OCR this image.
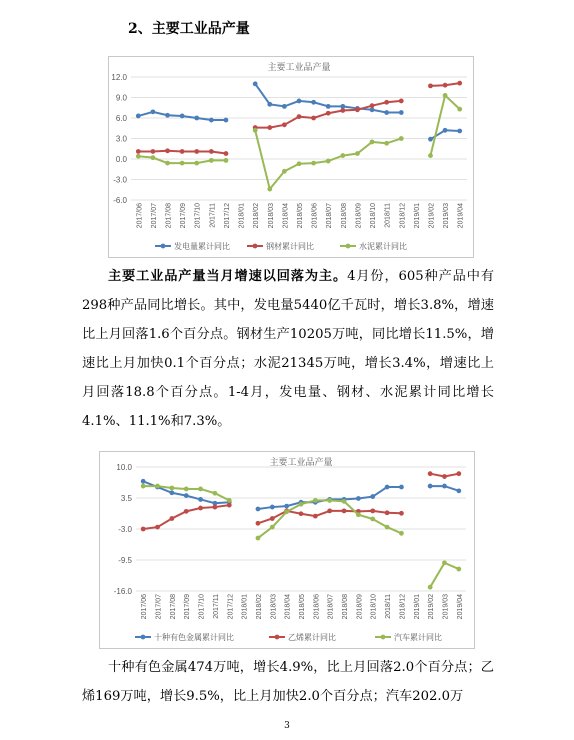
2、主要工业品产量
主要工业品产量
12.0
9.0
6.0
3.0
0.0
-3.0
-6.0
2017/06 2017/07 2017/08 2017/09 2017/10 2017/11 2017/12 2018/01 2018/02 2018/03 2018/04 2018/05 2018/06 2018/07 2018/08 2018/09 2018/10 2018/11 2018/12 2019/01 2019/02 2019/03 2019/04
发电量累计同比	钢材累计同比	水泥累计同比
主要工业品产量当月增速以回落为主。4月份，605种产品中有298种产品同比增长。其中，发电量5440亿千瓦时，增长3.8%，增速比上月回落1.6个百分点。钢材生产10205万吨，同比增长11.5%，增速比上月加快0.1个百分点；水泥21345万吨，增长3.4%，增速比上月回落18.8个百分点。1-4月，发电量、钢材、水泥累计同比增长4.1%、11.1%和7.3%。
主要工业品产量
10.0
3.5
-3.0
-9.5
-16.0
2017/06 2017/07 2017/08 2017/09 2017/10 2017/11 2017/12 2018/01 2018/02 2018/03 2018/04 2018/05 2018/06 2018/07 2018/08 2018/09 2018/10 2018/11 2018/12 2019/01 2019/02 2019/03 2019/04
十种有色金属累计同比	乙烯累计同比	汽车累计同比
十种有色金属474万吨，增长4.9%，比上月回落2.0个百分点；乙烯169万吨，增长9.5%，比上月加快2.0个百分点；汽车202.0万
3
